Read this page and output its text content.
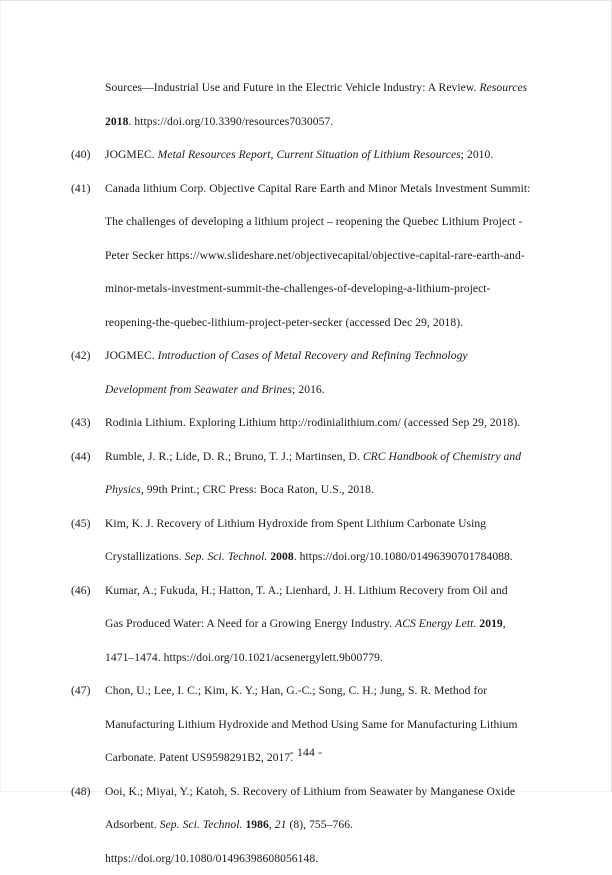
Sources—Industrial Use and Future in the Electric Vehicle Industry: A Review. Resources
2018. https://doi.org/10.3390/resources7030057.
(40)	JOGMEC. Metal Resources Report, Current Situation of Lithium Resources; 2010.
(41)	Canada lithium Corp. Objective Capital Rare Earth and Minor Metals Investment Summit:
The challenges of developing a lithium project – reopening the Quebec Lithium Project -
Peter Secker https://www.slideshare.net/objectivecapital/objective-capital-rare-earth-and-
minor-metals-investment-summit-the-challenges-of-developing-a-lithium-project-
reopening-the-quebec-lithium-project-peter-secker (accessed Dec 29, 2018).
(42)	JOGMEC. Introduction of Cases of Metal Recovery and Refining Technology
Development from Seawater and Brines; 2016.
(43)	Rodinia Lithium. Exploring Lithium http://rodinialithium.com/ (accessed Sep 29, 2018).
(44)	Rumble, J. R.; Lide, D. R.; Bruno, T. J.; Martinsen, D. CRC Handbook of Chemistry and
Physics, 99th Print.; CRC Press: Boca Raton, U.S., 2018.
(45)	Kim, K. J. Recovery of Lithium Hydroxide from Spent Lithium Carbonate Using
Crystallizations. Sep. Sci. Technol. 2008. https://doi.org/10.1080/01496390701784088.
(46)	Kumar, A.; Fukuda, H.; Hatton, T. A.; Lienhard, J. H. Lithium Recovery from Oil and
Gas Produced Water: A Need for a Growing Energy Industry. ACS Energy Lett. 2019,
1471–1474. https://doi.org/10.1021/acsenergylett.9b00779.
(47)	Chon, U.; Lee, I. C.; Kim, K. Y.; Han, G.-C.; Song, C. H.; Jung, S. R. Method for
Manufacturing Lithium Hydroxide and Method Using Same for Manufacturing Lithium
Carbonate. Patent US9598291B2, 2017.
(48)	Ooi, K.; Miyai, Y.; Katoh, S. Recovery of Lithium from Seawater by Manganese Oxide
Adsorbent. Sep. Sci. Technol. 1986, 21 (8), 755–766.
https://doi.org/10.1080/01496398608056148.
- 144 -
